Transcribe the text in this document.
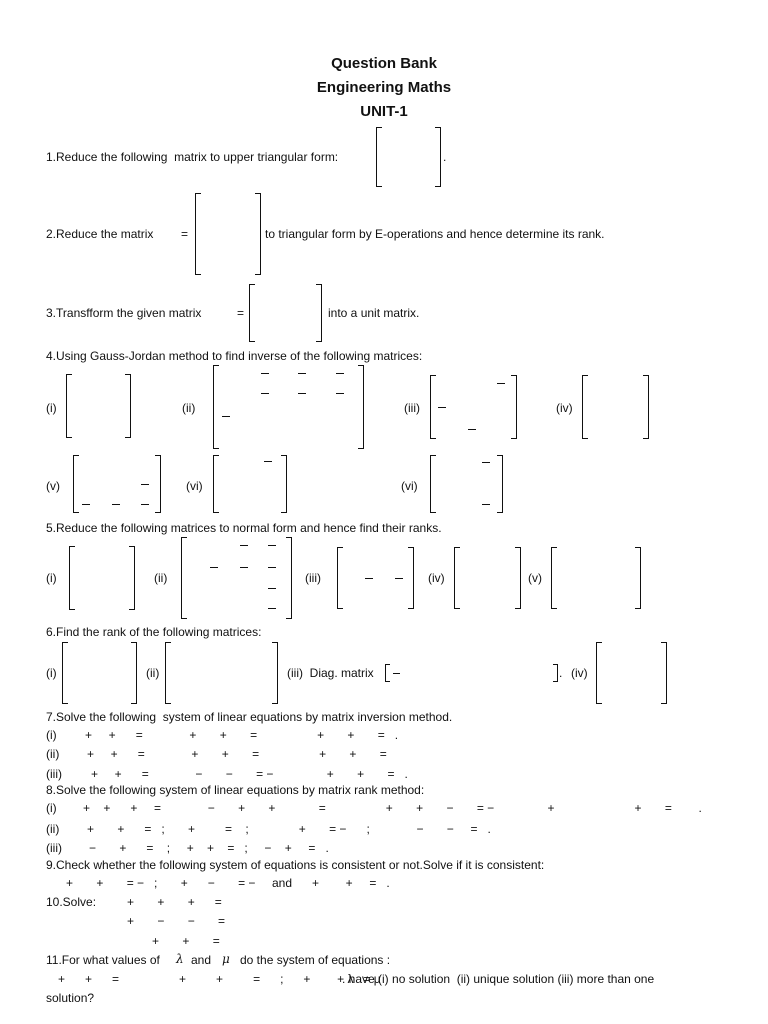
Question Bank
Engineering Maths
UNIT-1
1.Reduce the following  matrix to upper triangular form:	.
2.Reduce the matrix =	to triangular form by E-operations and hence determine its rank.
3.Transfform the given matrix	=	into a unit matrix.
4.Using Gauss-Jordan method to find inverse of the following matrices:
(i)	(ii)	(iii)	(iv)
(v)	(vi)	(vi)
5.Reduce the following matrices to normal form and hence find their ranks.
(i)	(ii)	(iii)	(iv)	(v)
6.Find the rank of the following matrices:
(i)	(ii)	(iii)  Diag. matrix	. (iv)
7.Solve the following  system of linear equations by matrix inversion method.
(i) +     +      =              +       +       =                  +       +       =   .
(ii) +     +      =              +       +       =                  +       +       =
(iii) +     +      =              −       −       = −                +       +       =   .
8.Solve the following system of linear equations by matrix rank method:
(i) +    +      +     =              −       +       +             =                  +       +       −       = −                +                        +       =        .
(ii) +       +      =   ;       +         =    ;               +       = −      ;              −       −     =   .
(iii) −       +      =    ;     +    +    =   ;     −    +     =   .
9.Check whether the following system of equations is consistent or not.Solve if it is consistent:
+       +       = −   ;       +      −       = − and +        +     =   .
10.Solve:	+       +       +      =
+       −       −       =
+       +       =
11.For what values of λ and μ do the system of equations :
+      +      =                  +         +         =      ;      +        + λ   = μ
. have (i) no solution  (ii) unique solution (iii) more than one
solution?
